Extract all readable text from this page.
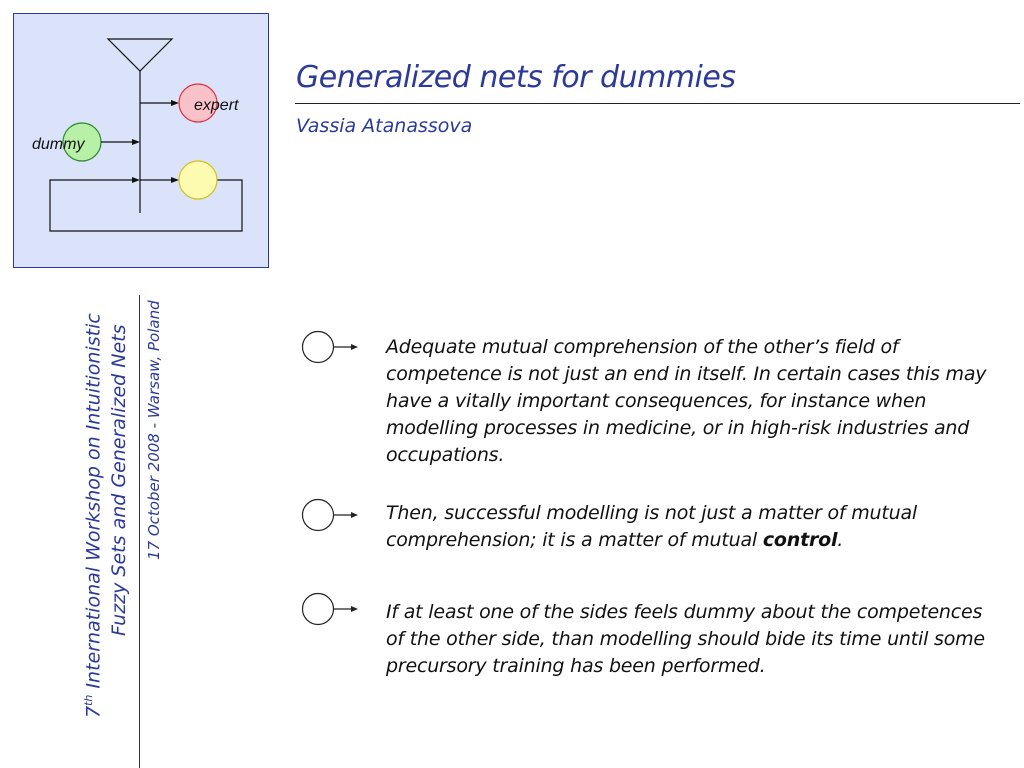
expert
dummy
Generalized nets for dummies
Vassia Atanassova
7th International Workshop on Intuitionistic Fuzzy Sets and Generalized Nets 17 October 2008 - Warsaw, Poland	Adequate mutual comprehension of the other’s field of competence is not just an end in itself. In certain cases this may have a vitally important consequences, for instance when modelling processes in medicine, or in high-risk industries and occupations.
Then, successful modelling is not just a matter of mutual comprehension; it is a matter of mutual control.
If at least one of the sides feels dummy about the competences of the other side, than modelling should bide its time until some precursory training has been performed.
